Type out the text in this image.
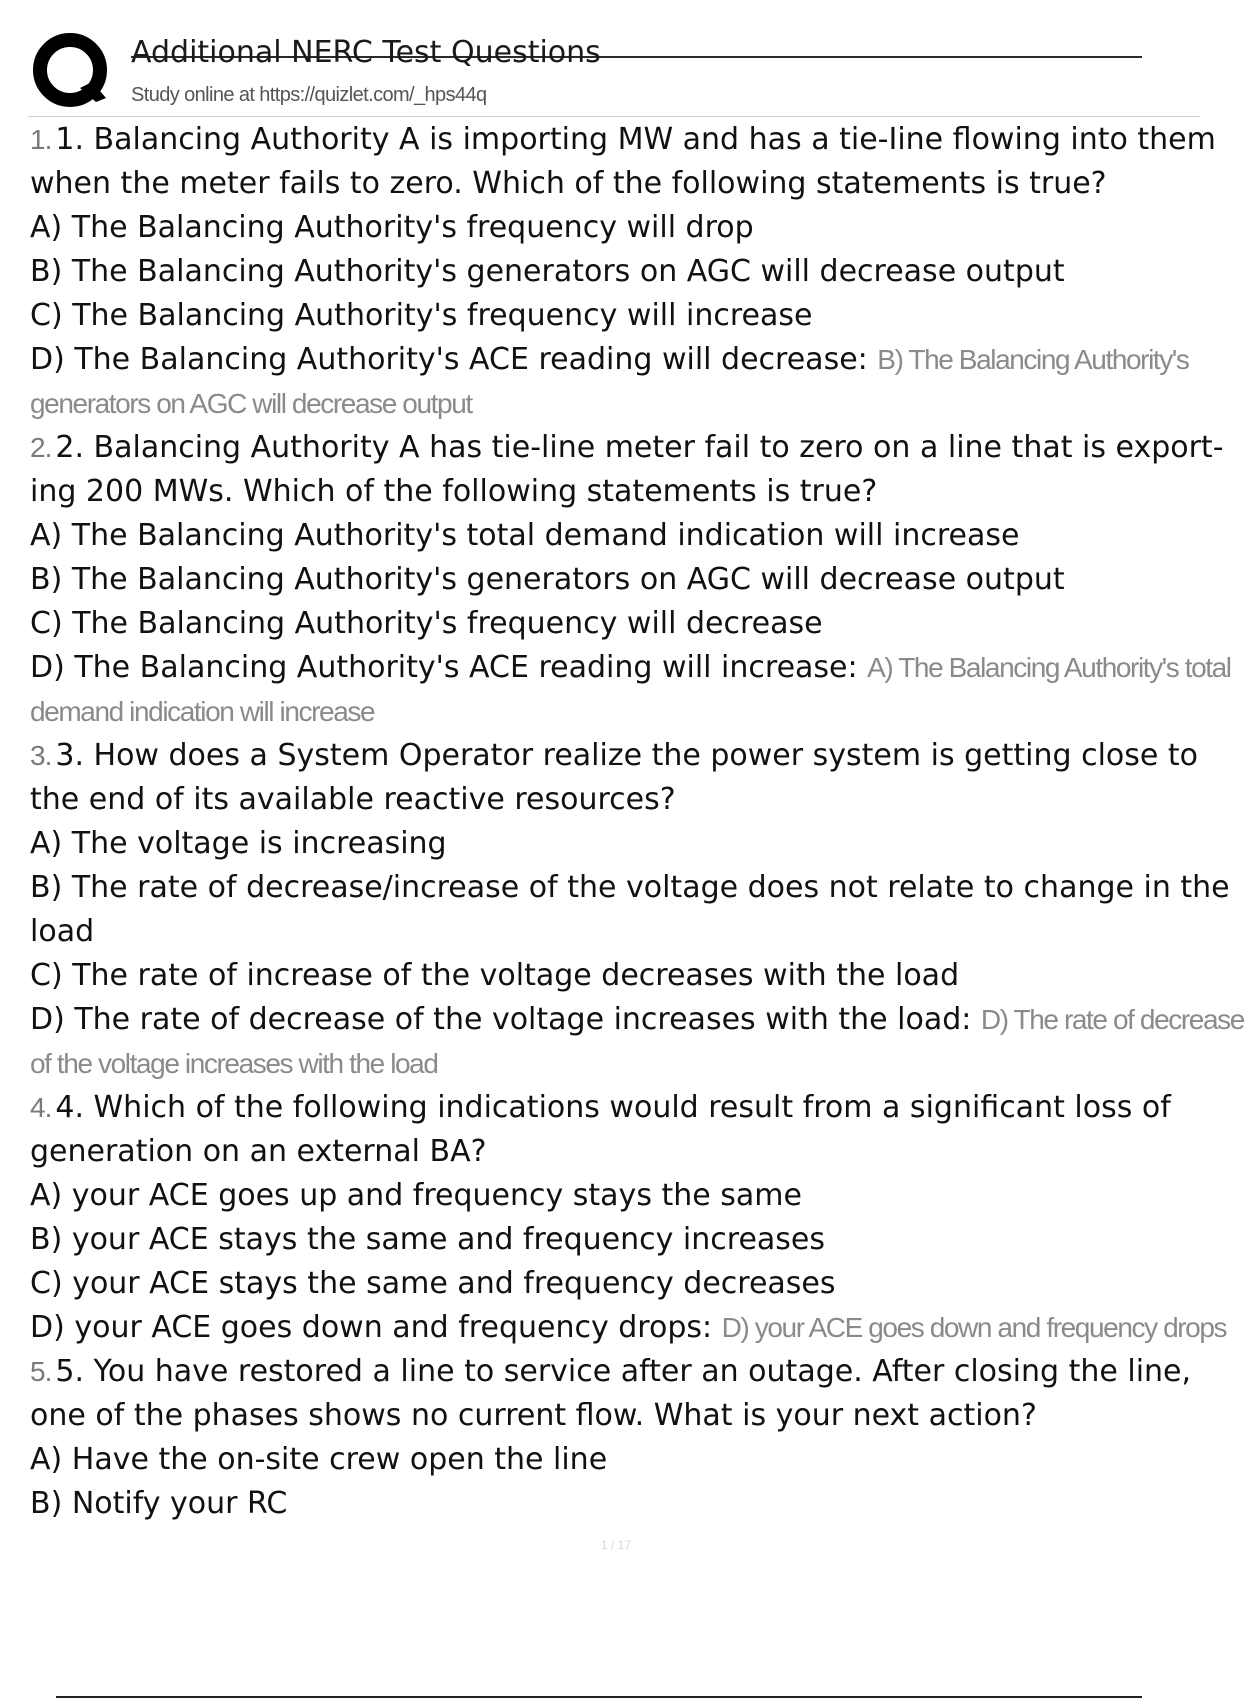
Additional NERC Test Questions
Study online at https://quizlet.com/_hps44q
1. 1. Balancing Authority A is importing MW and has a tie-Iine flowing into them
when the meter fails to zero. Which of the following statements is true?
A) The Balancing Authority's frequency will drop
B) The Balancing Authority's generators on AGC will decrease output
C) The Balancing Authority's frequency will increase
D) The Balancing Authority's ACE reading will decrease: B) The Balancing Authority's
generators on AGC will decrease output
2. 2. Balancing Authority A has tie-line meter fail to zero on a line that is export-
ing 200 MWs. Which of the following statements is true?
A) The Balancing Authority's total demand indication will increase
B) The Balancing Authority's generators on AGC will decrease output
C) The Balancing Authority's frequency will decrease
D) The Balancing Authority's ACE reading will increase: A) The Balancing Authority's total
demand indication will increase
3. 3. How does a System Operator realize the power system is getting close to
the end of its available reactive resources?
A) The voltage is increasing
B) The rate of decrease/increase of the voltage does not relate to change in the
load
C) The rate of increase of the voltage decreases with the load
D) The rate of decrease of the voltage increases with the load: D) The rate of decrease
of the voltage increases with the load
4. 4. Which of the following indications would result from a significant loss of
generation on an external BA?
A) your ACE goes up and frequency stays the same
B) your ACE stays the same and frequency increases
C) your ACE stays the same and frequency decreases
D) your ACE goes down and frequency drops: D) your ACE goes down and frequency drops
5. 5. You have restored a line to service after an outage. After closing the line,
one of the phases shows no current flow. What is your next action?
A) Have the on-site crew open the line
B) Notify your RC
1 / 17
